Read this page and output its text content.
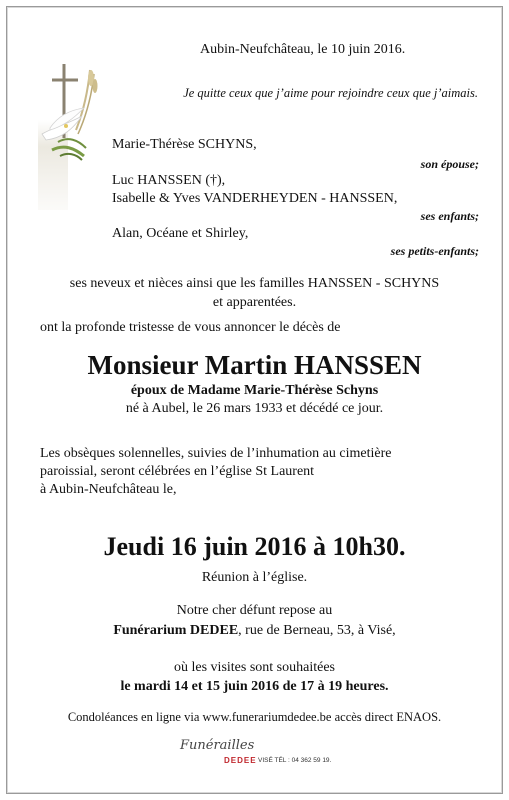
Aubin-Neufchâteau, le 10 juin 2016.
Je quitte ceux que j’aime pour rejoindre ceux que j’aimais.
Marie-Thérèse SCHYNS,
son épouse;
Luc HANSSEN (†),
Isabelle & Yves VANDERHEYDEN - HANSSEN,
ses enfants;
Alan, Océane et Shirley,
ses petits-enfants;
ses neveux et nièces ainsi que les familles HANSSEN - SCHYNS
et apparentées.
ont la profonde tristesse de vous annoncer le décès de
Monsieur Martin HANSSEN
époux de Madame Marie-Thérèse Schyns
né à Aubel, le 26 mars 1933 et décédé ce jour.
Les obsèques solennelles, suivies de l’inhumation au cimetière
paroissial, seront célébrées en l’église St Laurent
à Aubin-Neufchâteau le,
Jeudi 16 juin 2016 à 10h30.
Réunion à l’église.
Notre cher défunt repose au
Funérarium DEDEE, rue de Berneau, 53, à Visé,
où les visites sont souhaitées
le mardi 14 et 15 juin 2016 de 17 à 19 heures.
Condoléances en ligne via www.funerariumdedee.be accès direct ENAOS.
Funérailles
DEDEE VISÉ TÉL : 04 362 59 19.
